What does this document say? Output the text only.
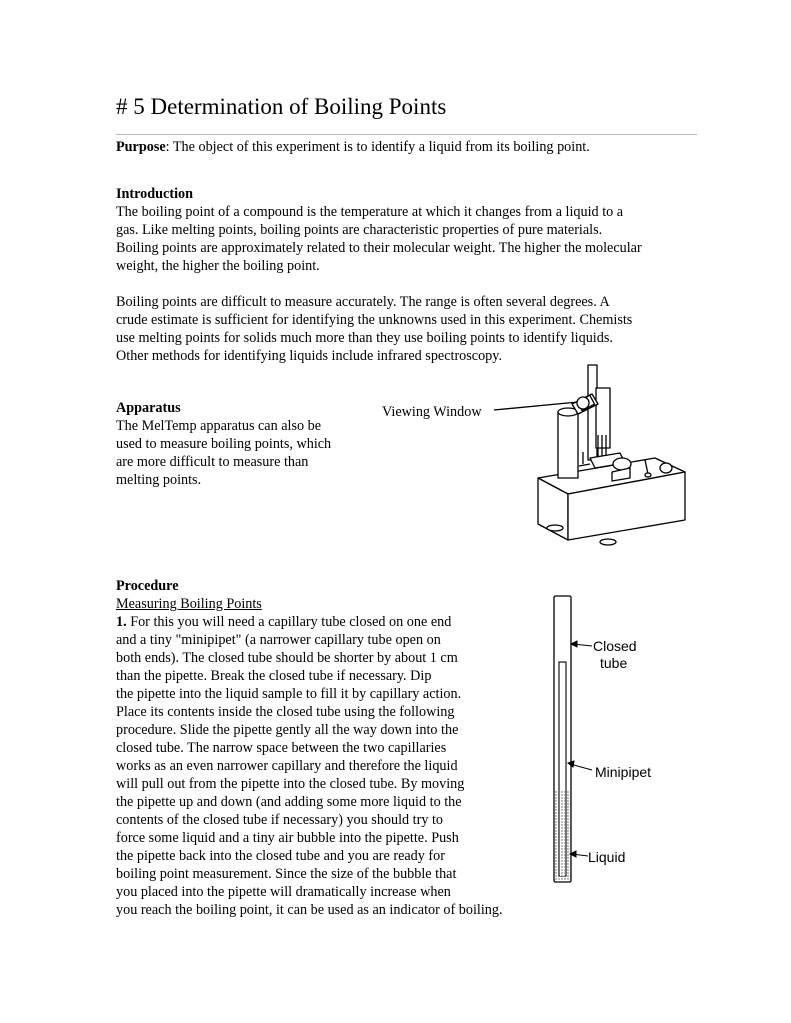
# 5 Determination of Boiling Points
Purpose: The object of this experiment is to identify a liquid from its boiling point.
Introduction
The boiling point of a compound is the temperature at which it changes from a liquid to a
gas. Like melting points, boiling points are characteristic properties of pure materials.
Boiling points are approximately related to their molecular weight. The higher the molecular
weight, the higher the boiling point.
Boiling points are difficult to measure accurately. The range is often several degrees. A
crude estimate is sufficient for identifying the unknowns used in this experiment. Chemists
use melting points for solids much more than they use boiling points to identify liquids.
Other methods for identifying liquids include infrared spectroscopy.
Apparatus
The MelTemp apparatus can also be
used to measure boiling points, which
are more difficult to measure than
melting points.
Viewing Window
Procedure
Measuring Boiling Points
1. For this you will need a capillary tube closed on one end
and a tiny "minipipet" (a narrower capillary tube open on
both ends). The closed tube should be shorter by about 1 cm
than the pipette. Break the closed tube if necessary. Dip
the pipette into the liquid sample to fill it by capillary action.
Place its contents inside the closed tube using the following
procedure. Slide the pipette gently all the way down into the
closed tube. The narrow space between the two capillaries
works as an even narrower capillary and therefore the liquid
will pull out from the pipette into the closed tube. By moving
the pipette up and down (and adding some more liquid to the
contents of the closed tube if necessary) you should try to
force some liquid and a tiny air bubble into the pipette. Push
the pipette back into the closed tube and you are ready for
boiling point measurement. Since the size of the bubble that
you placed into the pipette will dramatically increase when
you reach the boiling point, it can be used as an indicator of boiling.
Closed
tube
Minipipet
Liquid
